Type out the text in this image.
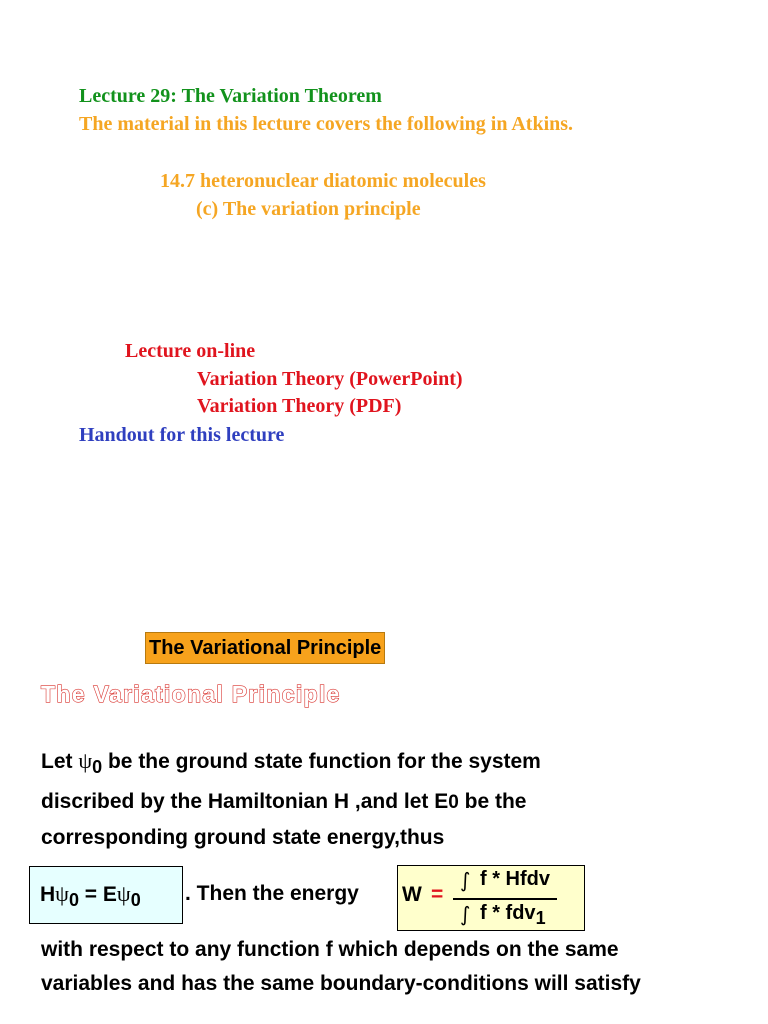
Lecture 29: The Variation Theorem
The material in this lecture covers the following in Atkins.
14.7 heteronuclear diatomic molecules
(c) The variation principle
Lecture on-line
Variation Theory (PowerPoint)
Variation Theory (PDF)
Handout for this lecture
The Variational Principle
The Variational Principle
Let ψ0 be the ground state function for the system
discribed by the Hamiltonian H ,and let E0 be the
corresponding ground state energy,thus
Hψ0 = Eψ0 . Then the energy W =
∫ f * Hfdv
∫ f * fdv1
with respect to any function f which depends on the same
variables and has the same boundary-conditions will satisfy
